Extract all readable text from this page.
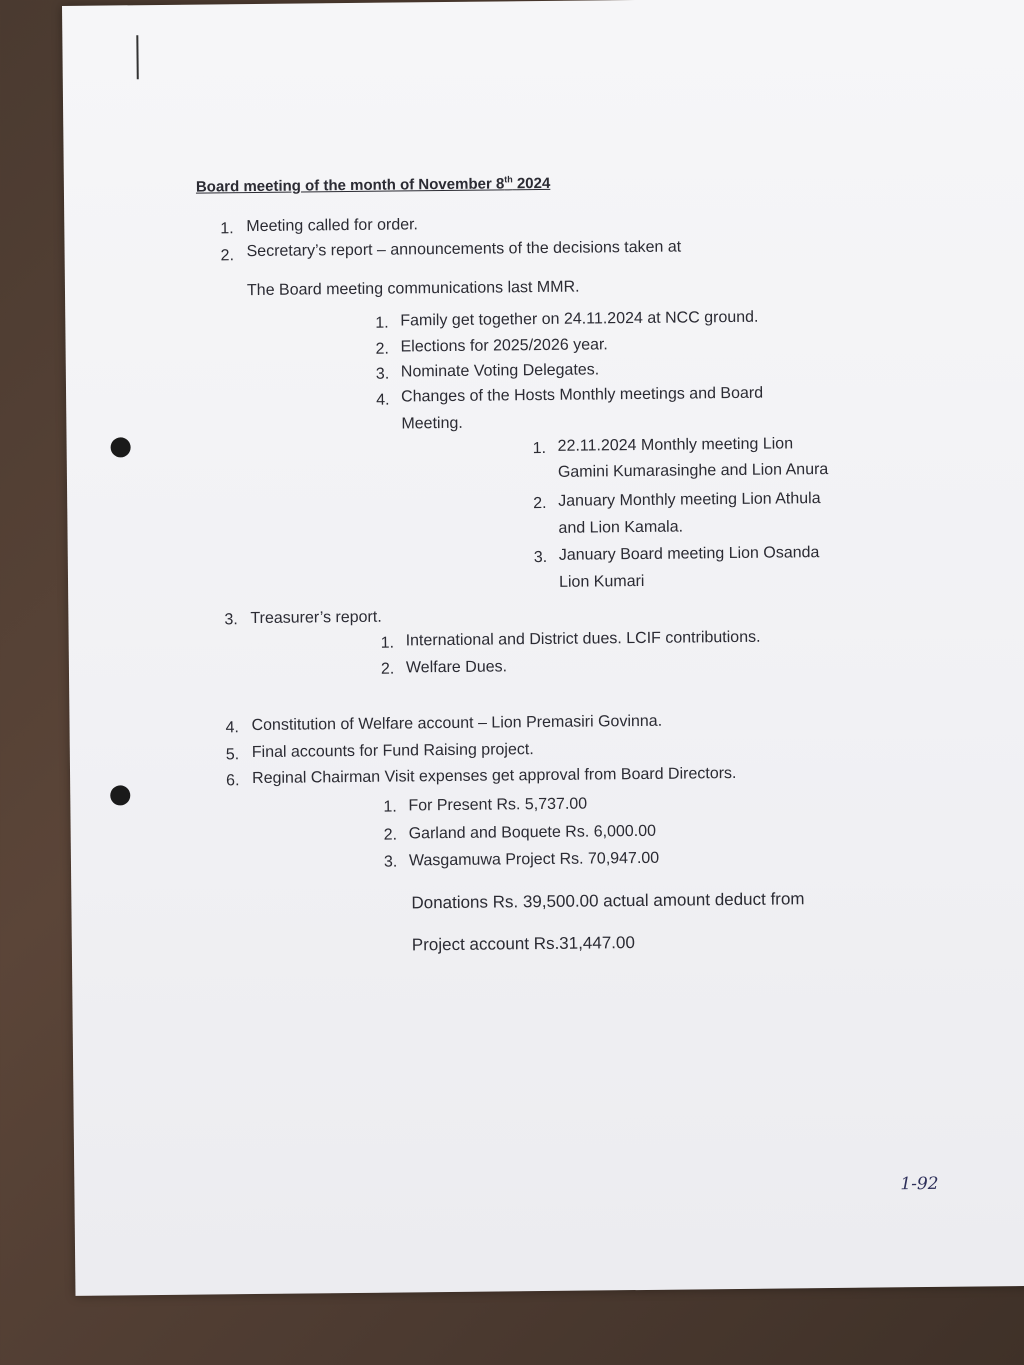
Board meeting of the month of November 8th 2024
1. Meeting called for order.
2. Secretary’s report – announcements of the decisions taken at
The Board meeting communications last MMR.
1. Family get together on 24.11.2024 at NCC ground.
2. Elections for 2025/2026 year.
3. Nominate Voting Delegates.
4. Changes of the Hosts Monthly meetings and Board
Meeting.
1. 22.11.2024 Monthly meeting Lion
Gamini Kumarasinghe and Lion Anura
2. January Monthly meeting Lion Athula
and Lion Kamala.
3. January Board meeting Lion Osanda
Lion Kumari
3. Treasurer’s report.
1. International and District dues. LCIF contributions.
2. Welfare Dues.
4. Constitution of Welfare account – Lion Premasiri Govinna.
5. Final accounts for Fund Raising project.
6. Reginal Chairman Visit expenses get approval from Board Directors.
1. For Present Rs. 5,737.00
2. Garland and Boquete Rs. 6,000.00
3. Wasgamuwa Project Rs. 70,947.00
Donations Rs. 39,500.00 actual amount deduct from
Project account Rs.31,447.00
1-92
